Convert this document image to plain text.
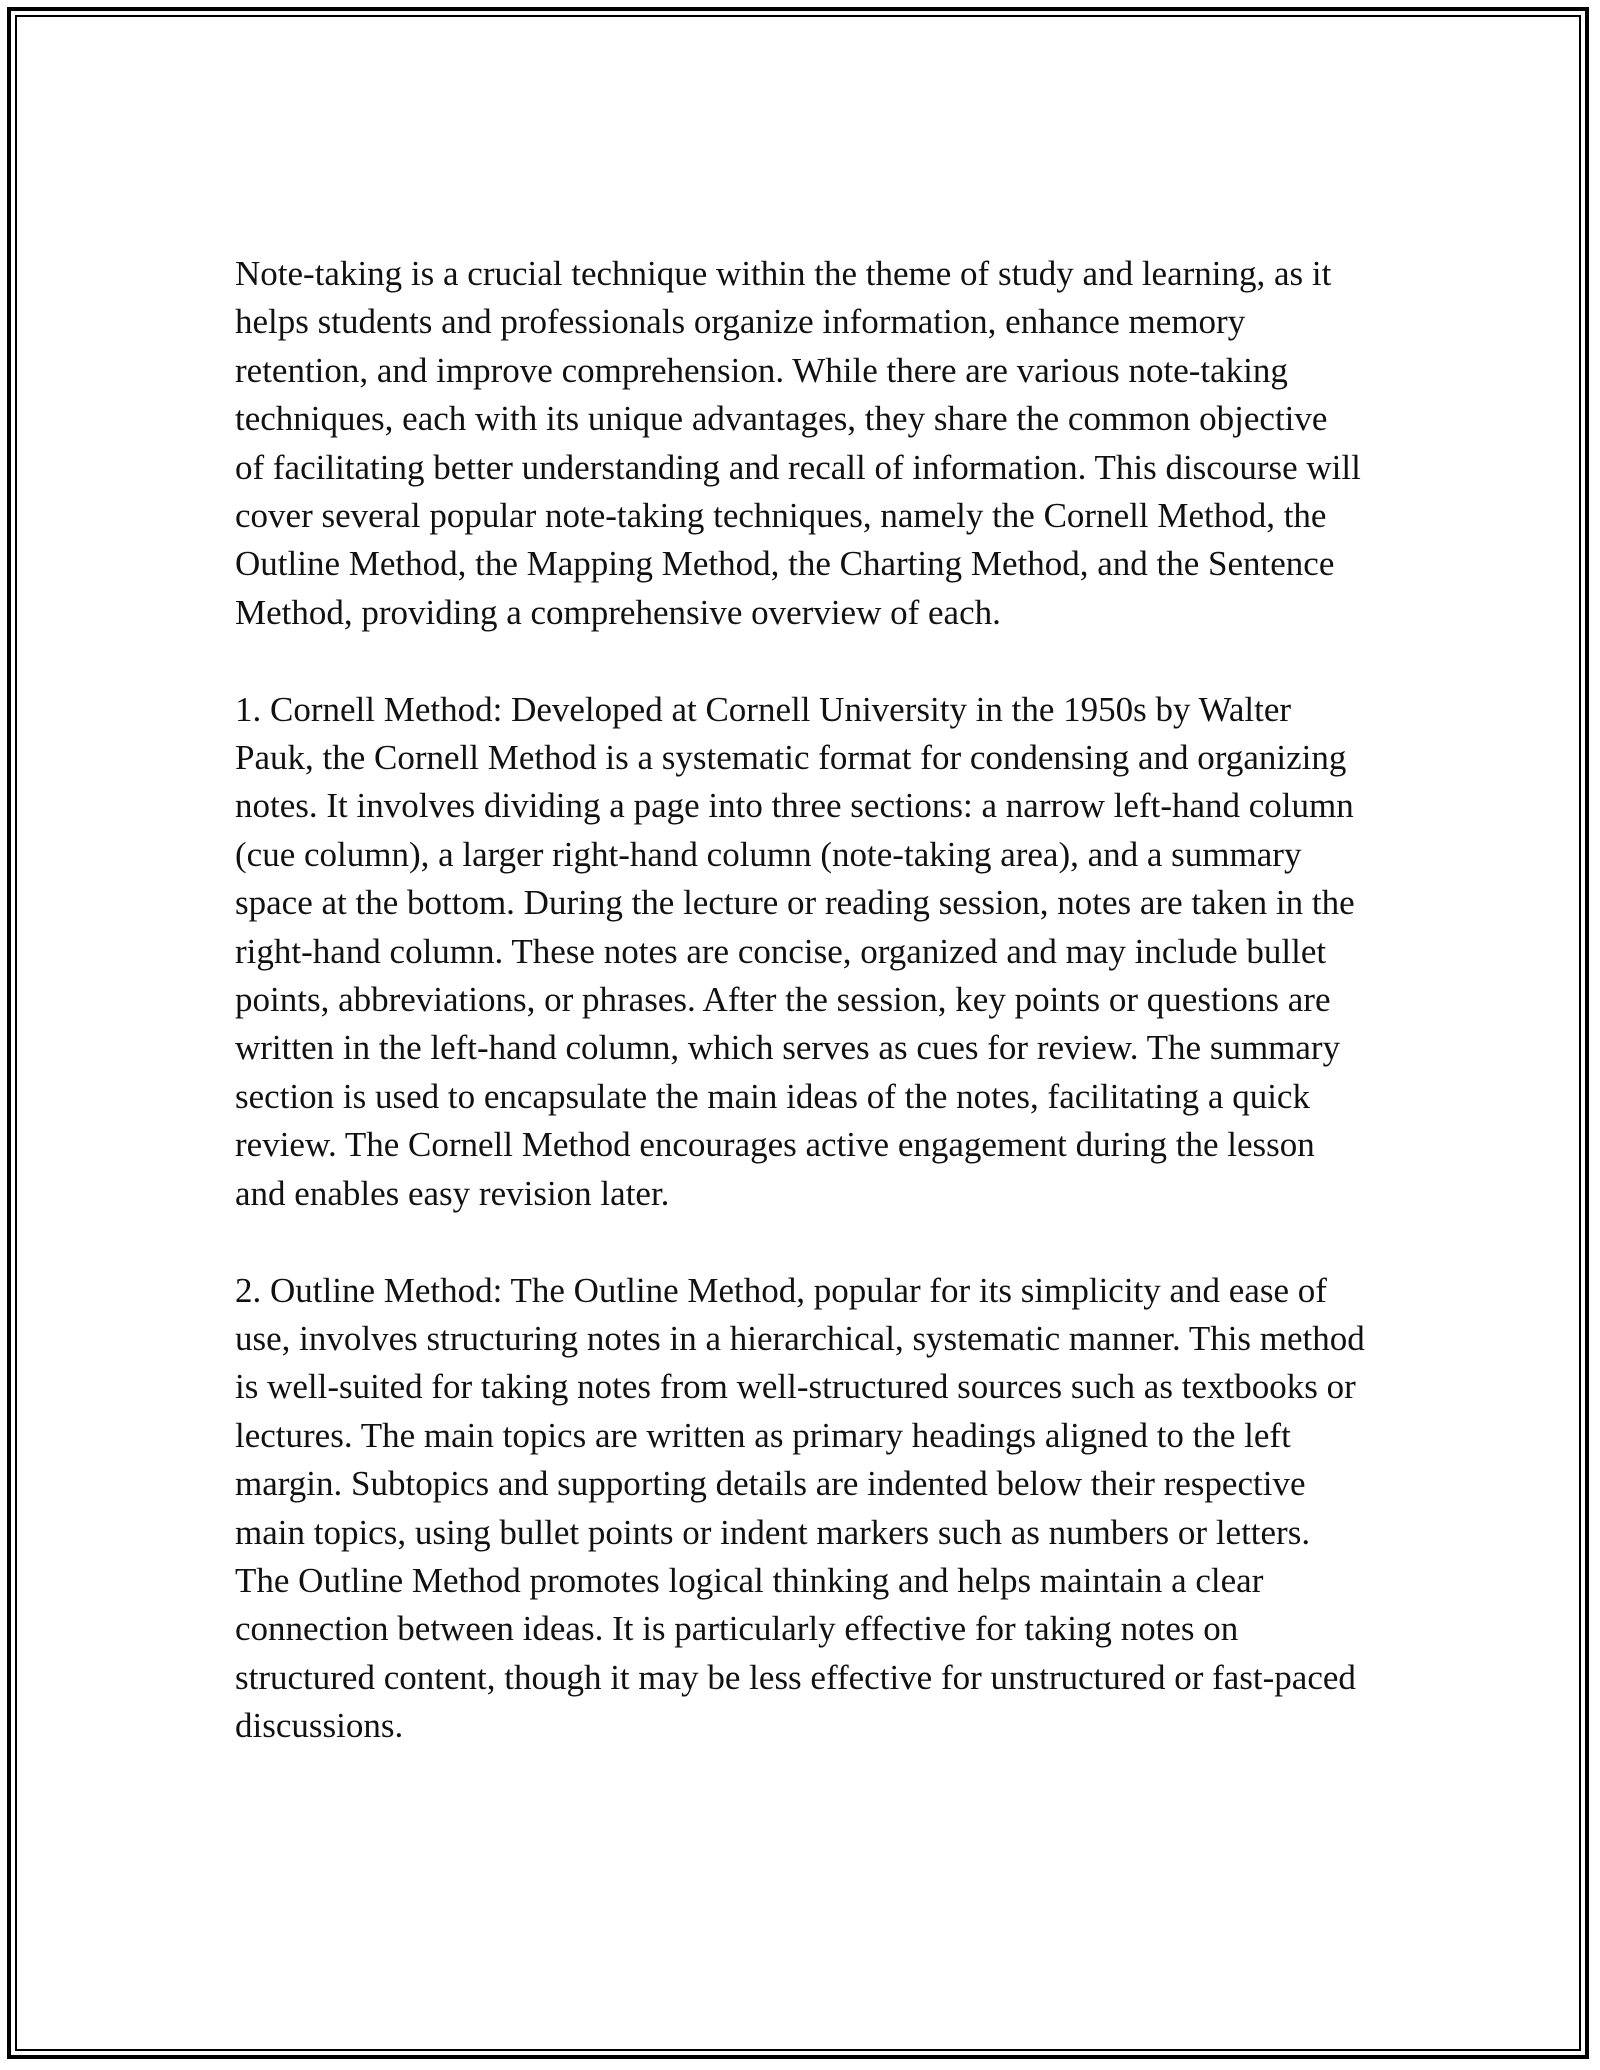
Note-taking is a crucial technique within the theme of study and learning, as it helps students and professionals organize information, enhance memory retention, and improve comprehension. While there are various note-taking techniques, each with its unique advantages, they share the common objective of facilitating better understanding and recall of information. This discourse will cover several popular note-taking techniques, namely the Cornell Method, the Outline Method, the Mapping Method, the Charting Method, and the Sentence Method, providing a comprehensive overview of each.

1. Cornell Method: Developed at Cornell University in the 1950s by Walter Pauk, the Cornell Method is a systematic format for condensing and organizing notes. It involves dividing a page into three sections: a narrow left-hand column (cue column), a larger right-hand column (note-taking area), and a summary space at the bottom. During the lecture or reading session, notes are taken in the right-hand column. These notes are concise, organized and may include bullet points, abbreviations, or phrases. After the session, key points or questions are written in the left-hand column, which serves as cues for review. The summary section is used to encapsulate the main ideas of the notes, facilitating a quick review. The Cornell Method encourages active engagement during the lesson and enables easy revision later.

2. Outline Method: The Outline Method, popular for its simplicity and ease of use, involves structuring notes in a hierarchical, systematic manner. This method is well-suited for taking notes from well-structured sources such as textbooks or lectures. The main topics are written as primary headings aligned to the left margin. Subtopics and supporting details are indented below their respective main topics, using bullet points or indent markers such as numbers or letters. The Outline Method promotes logical thinking and helps maintain a clear connection between ideas. It is particularly effective for taking notes on structured content, though it may be less effective for unstructured or fast-paced discussions.
